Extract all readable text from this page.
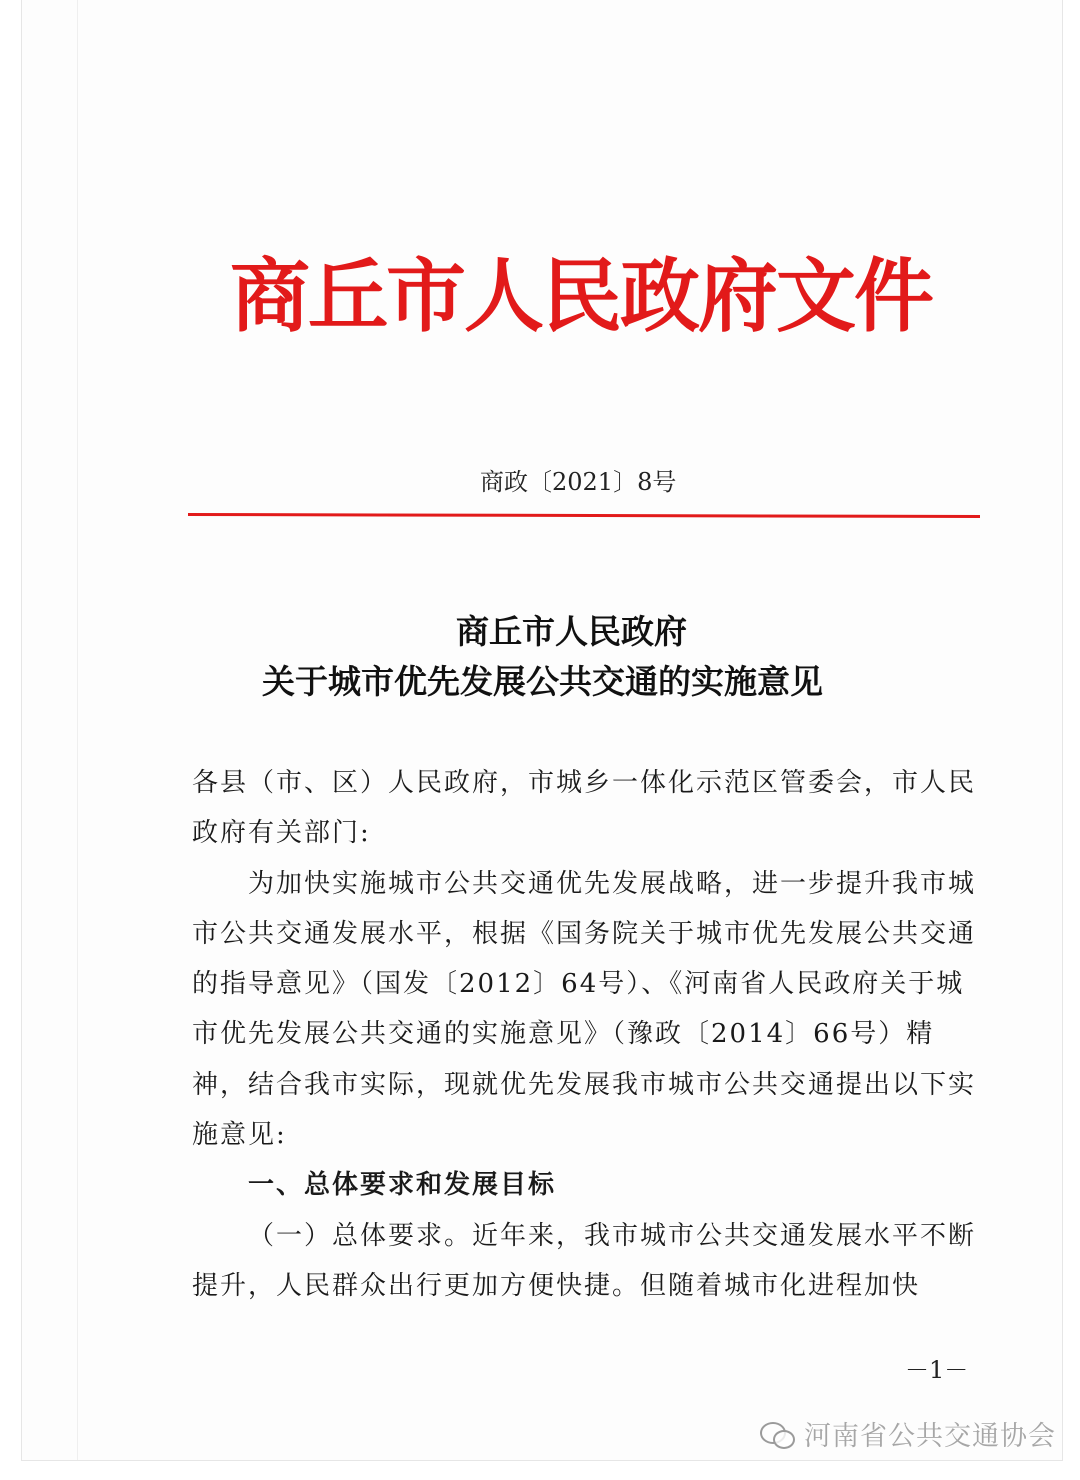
商丘市人民政府文件
商政〔2021〕8号
商丘市人民政府
关于城市优先发展公共交通的实施意见

各县（市、区）人民政府，市城乡一体化示范区管委会，市人民政府有关部门:

为加快实施城市公共交通优先发展战略，进一步提升我市城市公共交通发展水平，根据《国务院关于城市优先发展公共交通的指导意见》（国发〔2012〕64号）、《河南省人民政府关于城市优先发展公共交通的实施意见》（豫政〔2014〕66号）精神，结合我市实际，现就优先发展我市城市公共交通提出以下实施意见:

一、总体要求和发展目标

（一）总体要求。近年来，我市城市公共交通发展水平不断提升，人民群众出行更加方便快捷。但随着城市化进程加快

－1－
河南省公共交通协会
